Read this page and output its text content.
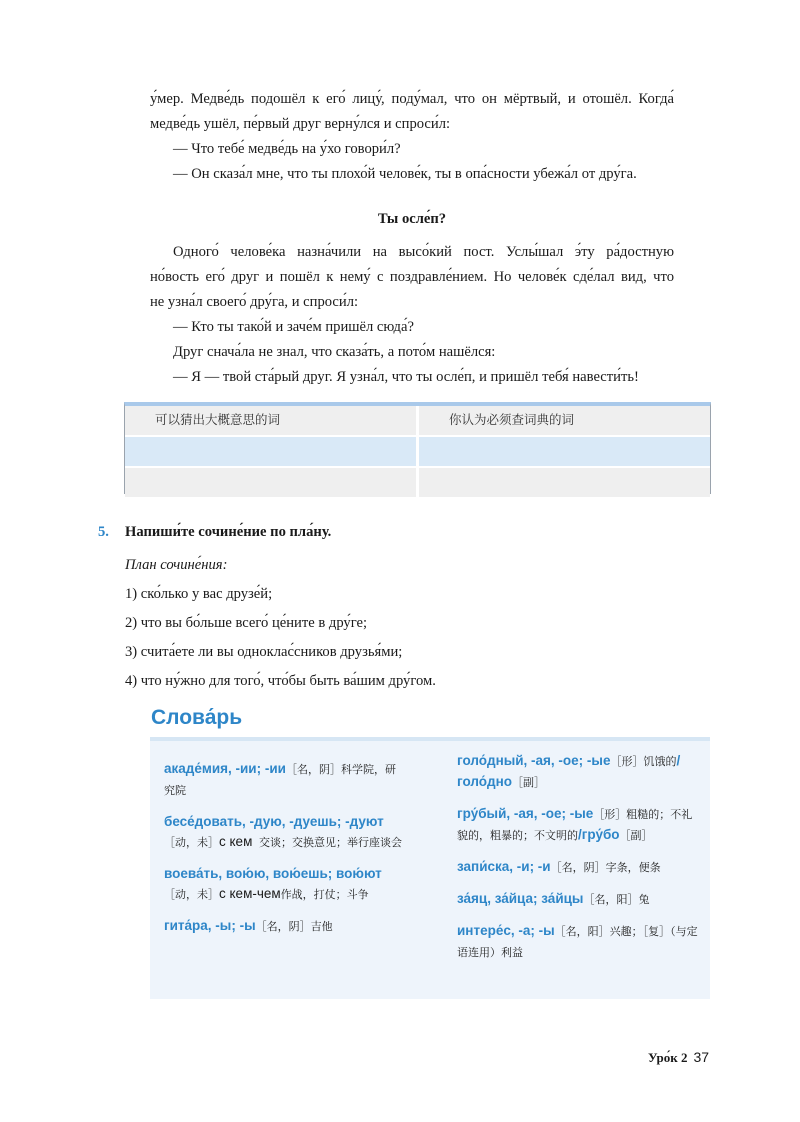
у́мер. Медве́дь подошёл к его́ лицу́, поду́мал, что он мёртвый, и отошёл. Когда́

медве́дь ушёл, пе́рвый друг верну́лся и спроси́л:

— Что тебе́ медве́дь на у́хо говори́л?

— Он сказа́л мне, что ты плохо́й челове́к, ты в опа́сности убежа́л от дру́га.

Ты осле́п?

Одного́ челове́ка назна́чили на высо́кий пост. Услы́шал э́ту ра́достную

но́вость его́ друг и пошёл к нему́ с поздравле́нием. Но челове́к сде́лал вид, что

не узна́л своего́ дру́га, и спроси́л:

— Кто ты тако́й и заче́м пришёл сюда́?

Друг снача́ла не знал, что сказа́ть, а пото́м нашёлся:

— Я — твой ста́рый друг. Я узна́л, что ты осле́п, и пришёл тебя́ навести́ть!

可以猜出大概意思的词	你认为必须查词典的词
5. Напиши́те сочине́ние по пла́ну.

План сочине́ния:

1) ско́лько у вас друзе́й;

2) что вы бо́льше всего́ це́ните в дру́ге;

3) счита́ете ли вы одноклас́сников друзья́ми;

4) что ну́жно для того́, что́бы быть ва́шим дру́гом.

Слова́рь

акаде́мия, -ии; -ии［名，阴］科学院，研究院

бесе́довать, -дую, -дуешь; -дуют［动，未］с кем 交谈；交换意见；举行座谈会

воева́ть, вою́ю, вою́ешь; вою́ют［动，未］с кем-чем作战，打仗；斗争

гита́ра, -ы; -ы［名，阴］吉他

голо́дный, -ая, -ое; -ые［形］饥饿的/голо́дно［副］

гру́бый, -ая, -ое; -ые［形］粗糙的；不礼貌的，粗暴的；不文明的/гру́бо［副］

запи́ска, -и; -и［名，阴］字条，便条

за́яц, за́йца; за́йцы［名，阳］兔

интере́с, -а; -ы［名，阳］兴趣；［复］（与定语连用）利益

Уро́к 2 37
